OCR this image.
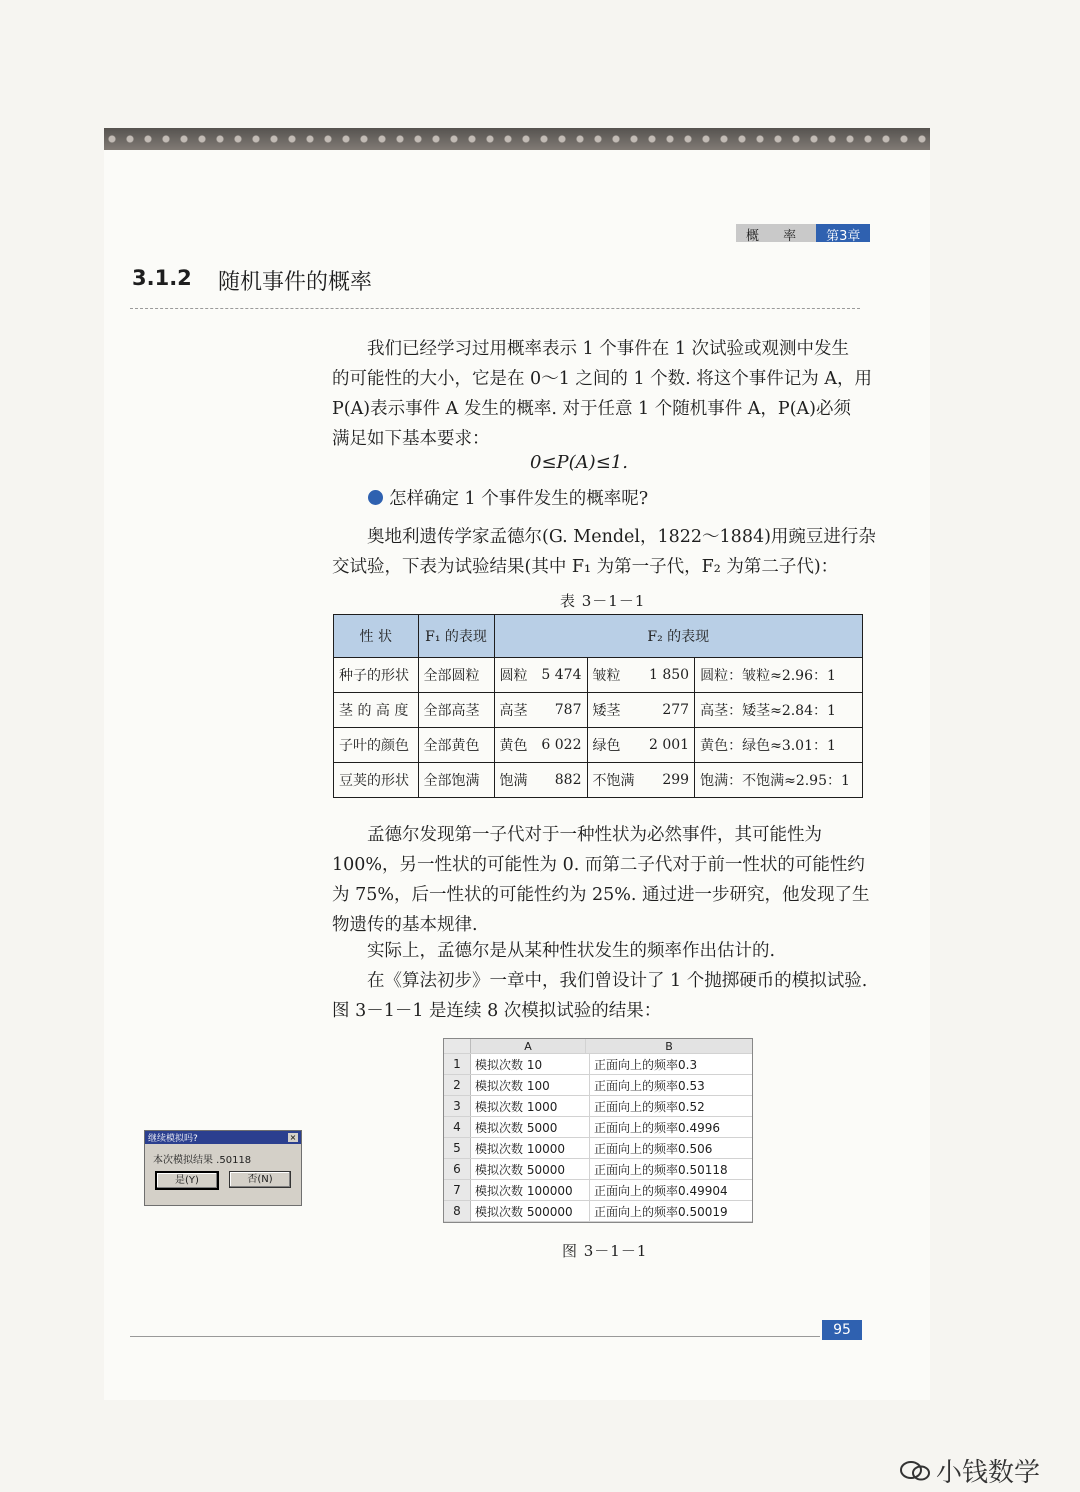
概 率	第3章
3.1.2 随机事件的概率
我们已经学习过用概率表示 1 个事件在 1 次试验或观测中发生
的可能性的大小，它是在 0～1 之间的 1 个数. 将这个事件记为 A，用
P(A)表示事件 A 发生的概率. 对于任意 1 个随机事件 A，P(A)必须
满足如下基本要求：
0≤P(A)≤1.
怎样确定 1 个事件发生的概率呢?
奥地利遗传学家孟德尔(G. Mendel，1822～1884)用豌豆进行杂
交试验，下表为试验结果(其中 F₁ 为第一子代，F₂ 为第二子代)：
表 3－1－1
性 状	F₁ 的表现	F₂ 的表现				
种子的形状	全部圆粒	圆粒	5 474	皱粒	1 850	圆粒：皱粒≈2.96：1
茎 的 高 度	全部高茎	高茎	787	矮茎	277	高茎：矮茎≈2.84：1
子叶的颜色	全部黄色	黄色	6 022	绿色	2 001	黄色：绿色≈3.01：1
豆荚的形状	全部饱满	饱满	882	不饱满	299	饱满：不饱满≈2.95：1
孟德尔发现第一子代对于一种性状为必然事件，其可能性为
100%，另一性状的可能性为 0. 而第二子代对于前一性状的可能性约
为 75%，后一性状的可能性约为 25%. 通过进一步研究，他发现了生
物遗传的基本规律.
实际上，孟德尔是从某种性状发生的频率作出估计的.
在《算法初步》一章中，我们曾设计了 1 个抛掷硬币的模拟试验.
图 3－1－1 是连续 8 次模拟试验的结果：
A	B
1	模拟次数 10	正面向上的频率0.3
2	模拟次数 100	正面向上的频率0.53
3	模拟次数 1000	正面向上的频率0.52
4	模拟次数 5000	正面向上的频率0.4996
5	模拟次数 10000	正面向上的频率0.506
6	模拟次数 50000	正面向上的频率0.50118
7	模拟次数 100000	正面向上的频率0.49904
8	模拟次数 500000	正面向上的频率0.50019
继续模拟吗?	×
本次模拟结果 .50118
是(Y)	否(N)
图 3－1－1
95
小钱数学
